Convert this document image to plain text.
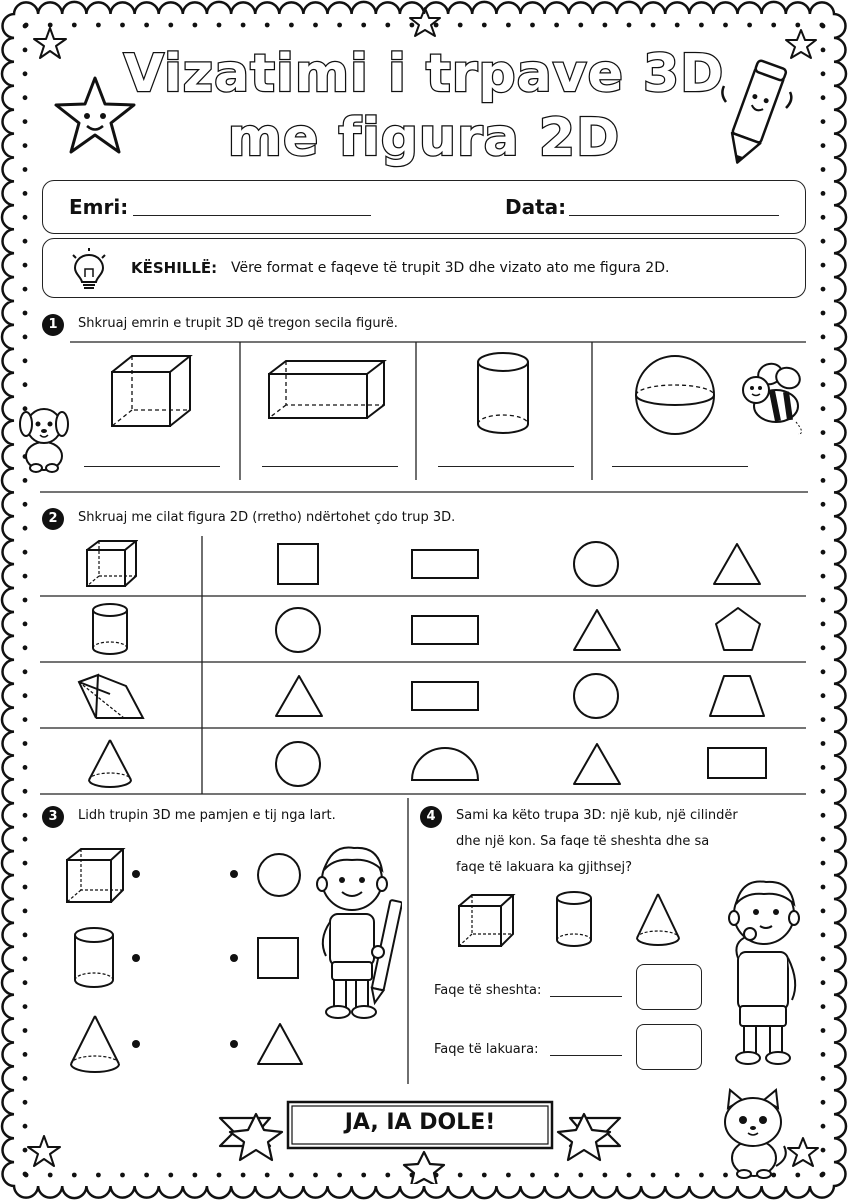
Vizatimi i trpave 3D
me figura 2D
Emri:	Data:
KËSHILLË: Vëre format e faqeve të trupit 3D dhe vizato ato me figura 2D.
1	Shkruaj emrin e trupit 3D që tregon secila figurë.
2	Shkruaj me cilat figura 2D (rretho) ndërtohet çdo trup 3D.
3	Lidh trupin 3D me pamjen e tij nga lart.	4	Sami ka këto trupa 3D: një kub, një cilindër
dhe një kon. Sa faqe të sheshta dhe sa
faqe të lakuara ka gjithsej?
Faqe të sheshta:
Faqe të lakuara:
JA, IA DOLE!
